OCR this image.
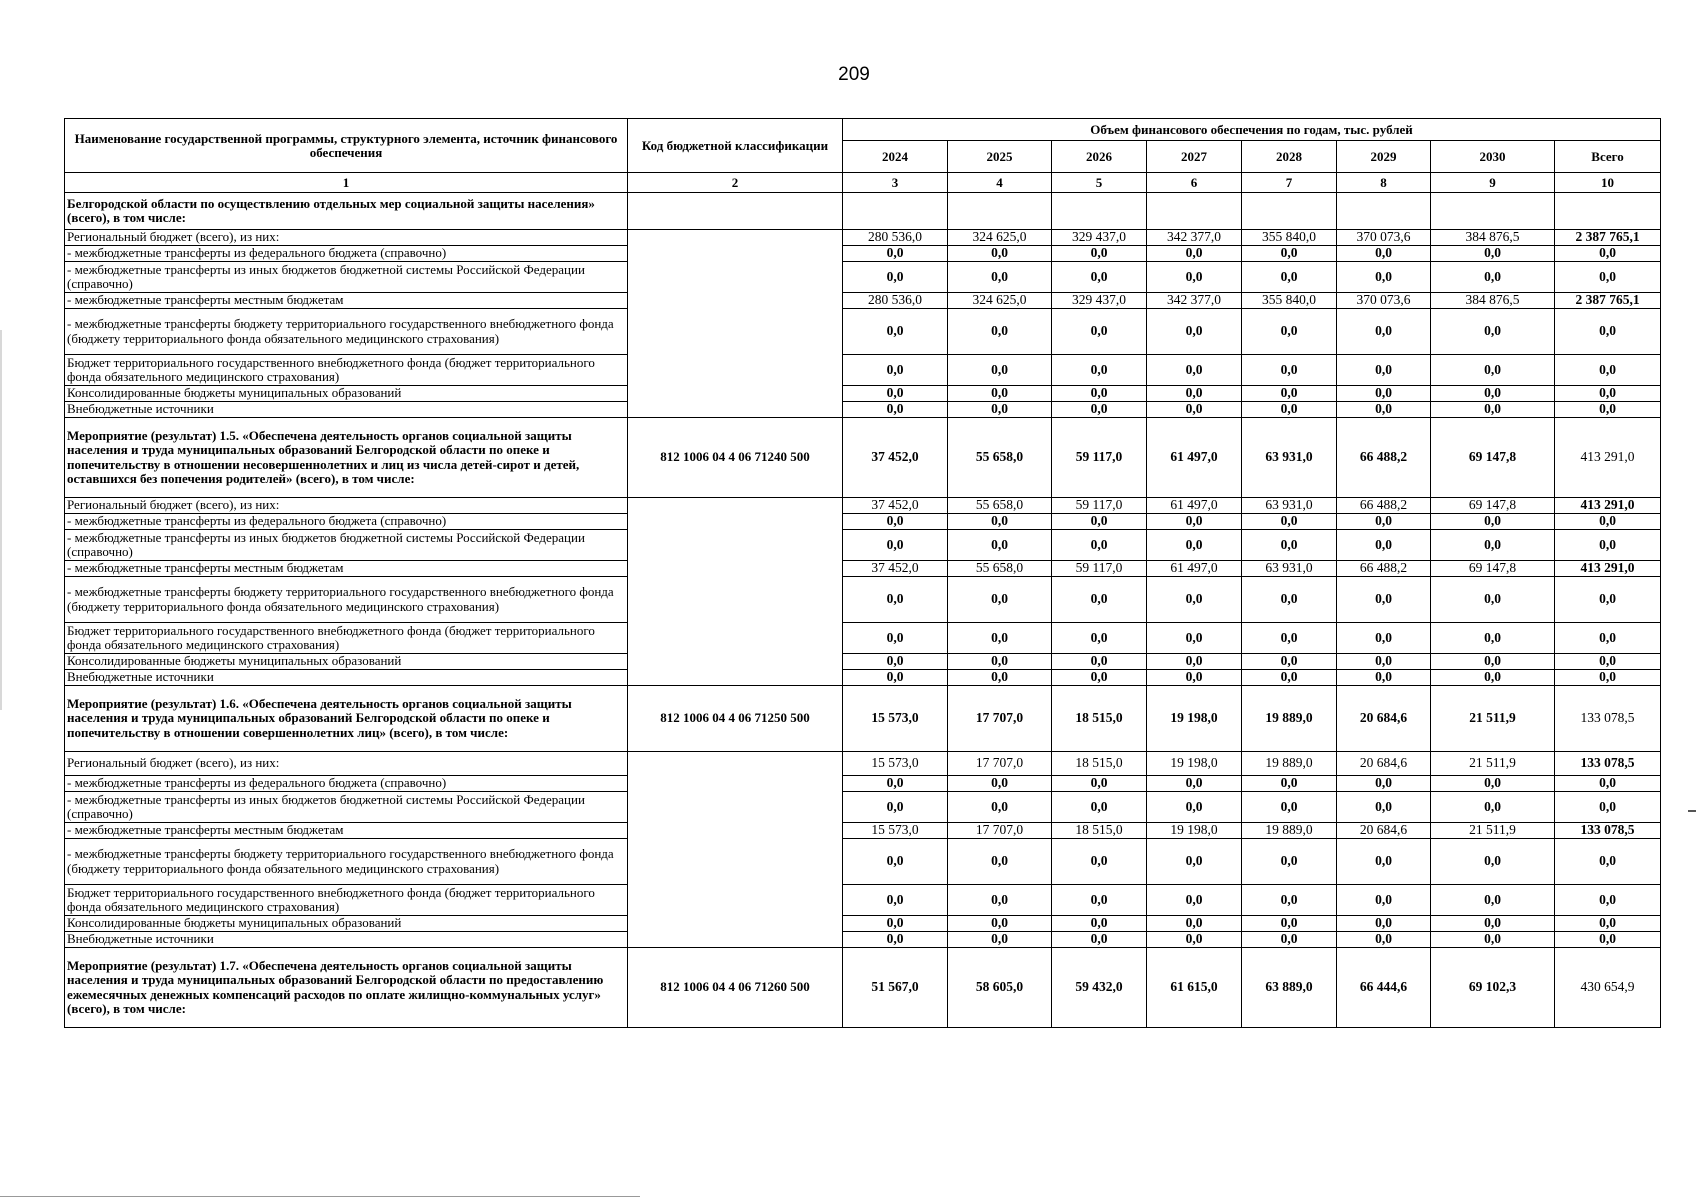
209
Наименование государственной программы, структурного элемента, источник финансового обеспечения	Код бюджетной классификации	Объем финансового обеспечения по годам, тыс. рублей							
		2024	2025	2026	2027	2028	2029	2030	Всего
1	2	3	4	5	6	7	8	9	10
Белгородской области по осуществлению отдельных мер социальной защиты населения» (всего), в том числе:									
Региональный бюджет (всего), из них:		280 536,0	324 625,0	329 437,0	342 377,0	355 840,0	370 073,6	384 876,5	2 387 765,1
- межбюджетные трансферты из федерального бюджета (справочно)		0,0	0,0	0,0	0,0	0,0	0,0	0,0	0,0
- межбюджетные трансферты из иных бюджетов бюджетной системы Российской Федерации (справочно)		0,0	0,0	0,0	0,0	0,0	0,0	0,0	0,0
- межбюджетные трансферты местным бюджетам		280 536,0	324 625,0	329 437,0	342 377,0	355 840,0	370 073,6	384 876,5	2 387 765,1
- межбюджетные трансферты бюджету территориального государственного внебюджетного фонда (бюджету территориального фонда обязательного медицинского страхования)		0,0	0,0	0,0	0,0	0,0	0,0	0,0	0,0
Бюджет территориального государственного внебюджетного фонда (бюджет территориального фонда обязательного медицинского страхования)		0,0	0,0	0,0	0,0	0,0	0,0	0,0	0,0
Консолидированные бюджеты муниципальных образований		0,0	0,0	0,0	0,0	0,0	0,0	0,0	0,0
Внебюджетные источники		0,0	0,0	0,0	0,0	0,0	0,0	0,0	0,0
Мероприятие (результат) 1.5. «Обеспечена деятельность органов социальной защиты населения и труда муниципальных образований Белгородской области по опеке и попечительству в отношении несовершеннолетних и лиц из числа детей-сирот и детей, оставшихся без попечения родителей» (всего), в том числе:	812 1006 04 4 06 71240 500	37 452,0	55 658,0	59 117,0	61 497,0	63 931,0	66 488,2	69 147,8	413 291,0
Региональный бюджет (всего), из них:		37 452,0	55 658,0	59 117,0	61 497,0	63 931,0	66 488,2	69 147,8	413 291,0
- межбюджетные трансферты из федерального бюджета (справочно)		0,0	0,0	0,0	0,0	0,0	0,0	0,0	0,0
- межбюджетные трансферты из иных бюджетов бюджетной системы Российской Федерации (справочно)		0,0	0,0	0,0	0,0	0,0	0,0	0,0	0,0
- межбюджетные трансферты местным бюджетам		37 452,0	55 658,0	59 117,0	61 497,0	63 931,0	66 488,2	69 147,8	413 291,0
- межбюджетные трансферты бюджету территориального государственного внебюджетного фонда (бюджету территориального фонда обязательного медицинского страхования)		0,0	0,0	0,0	0,0	0,0	0,0	0,0	0,0
Бюджет территориального государственного внебюджетного фонда (бюджет территориального фонда обязательного медицинского страхования)		0,0	0,0	0,0	0,0	0,0	0,0	0,0	0,0
Консолидированные бюджеты муниципальных образований		0,0	0,0	0,0	0,0	0,0	0,0	0,0	0,0
Внебюджетные источники		0,0	0,0	0,0	0,0	0,0	0,0	0,0	0,0
Мероприятие (результат) 1.6. «Обеспечена деятельность органов социальной защиты населения и труда муниципальных образований Белгородской области по опеке и попечительству в отношении совершеннолетних лиц» (всего), в том числе:	812 1006 04 4 06 71250 500	15 573,0	17 707,0	18 515,0	19 198,0	19 889,0	20 684,6	21 511,9	133 078,5
Региональный бюджет (всего), из них:		15 573,0	17 707,0	18 515,0	19 198,0	19 889,0	20 684,6	21 511,9	133 078,5
- межбюджетные трансферты из федерального бюджета (справочно)		0,0	0,0	0,0	0,0	0,0	0,0	0,0	0,0
- межбюджетные трансферты из иных бюджетов бюджетной системы Российской Федерации (справочно)		0,0	0,0	0,0	0,0	0,0	0,0	0,0	0,0
- межбюджетные трансферты местным бюджетам		15 573,0	17 707,0	18 515,0	19 198,0	19 889,0	20 684,6	21 511,9	133 078,5
- межбюджетные трансферты бюджету территориального государственного внебюджетного фонда (бюджету территориального фонда обязательного медицинского страхования)		0,0	0,0	0,0	0,0	0,0	0,0	0,0	0,0
Бюджет территориального государственного внебюджетного фонда (бюджет территориального фонда обязательного медицинского страхования)		0,0	0,0	0,0	0,0	0,0	0,0	0,0	0,0
Консолидированные бюджеты муниципальных образований		0,0	0,0	0,0	0,0	0,0	0,0	0,0	0,0
Внебюджетные источники		0,0	0,0	0,0	0,0	0,0	0,0	0,0	0,0
Мероприятие (результат) 1.7. «Обеспечена деятельность органов социальной защиты населения и труда муниципальных образований Белгородской области по предоставлению ежемесячных денежных компенсаций расходов по оплате жилищно-коммунальных услуг» (всего), в том числе:	812 1006 04 4 06 71260 500	51 567,0	58 605,0	59 432,0	61 615,0	63 889,0	66 444,6	69 102,3	430 654,9
